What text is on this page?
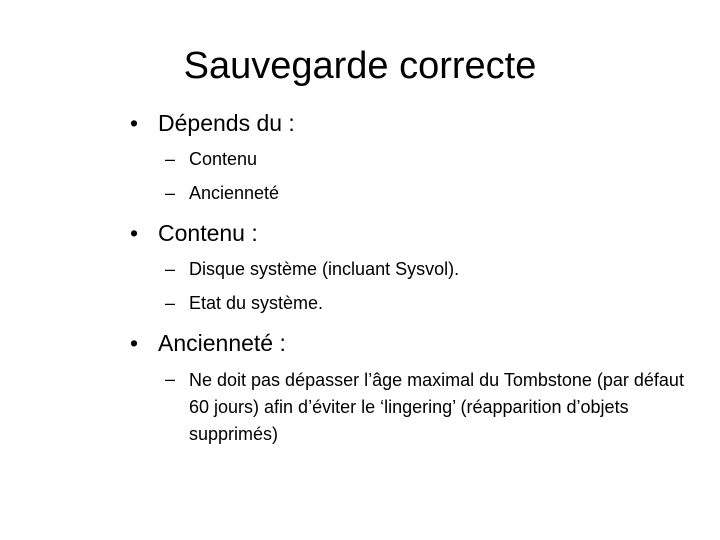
Sauvegarde correcte
• Dépends du :
– Contenu
– Ancienneté
• Contenu :
– Disque système (incluant Sysvol).
– Etat du système.
• Ancienneté :
– Ne doit pas dépasser l’âge maximal du Tombstone (par défaut 60 jours) afin d’éviter le ‘lingering’ (réapparition d’objets supprimés)
